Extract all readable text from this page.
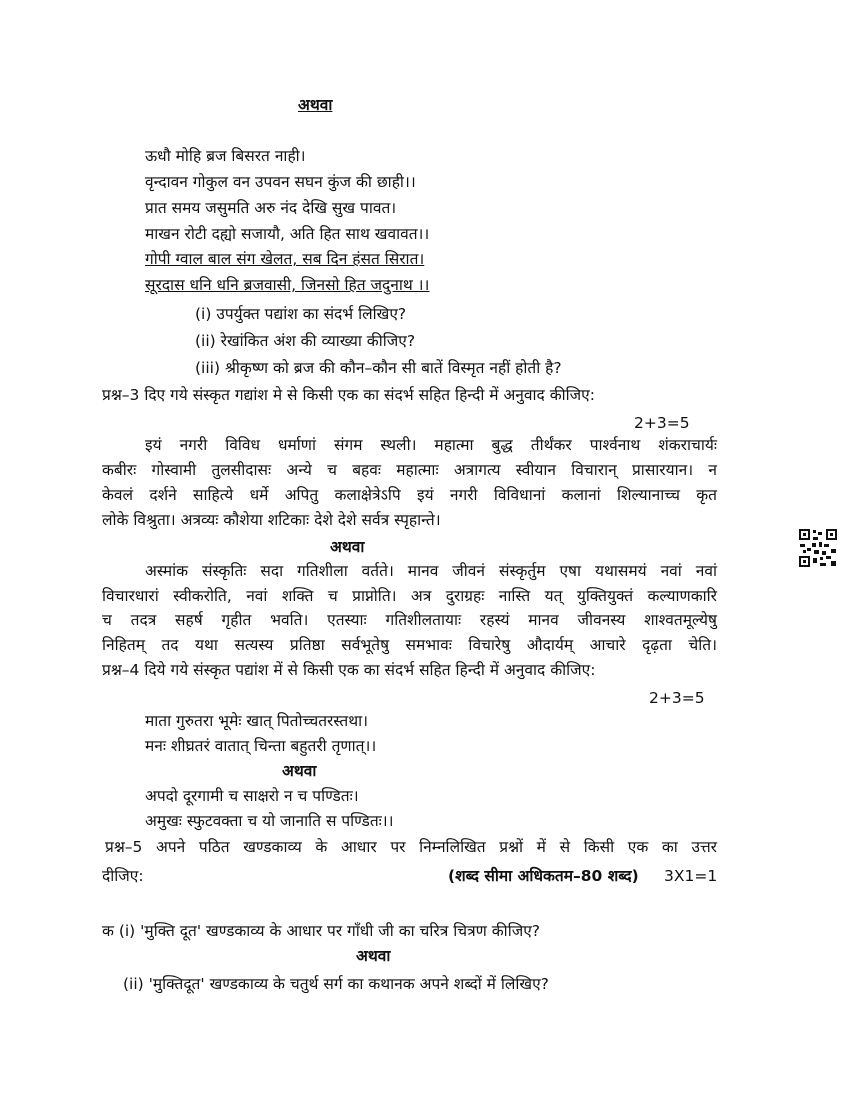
अथवा
ऊधौ मोहि ब्रज बिसरत नाही।
वृन्दावन गोकुल वन उपवन सघन कुंज की छाही।।
प्रात समय जसुमति अरु नंद देखि सुख पावत।
माखन रोटी दह्यो सजायौ, अति हित साथ खवावत।।
गोपी ग्वाल बाल संग खेलत, सब दिन हंसत सिरात।
सूरदास धनि धनि ब्रजवासी, जिनसो हित जदुनाथ ।।
(i) उपर्युक्त पद्यांश का संदर्भ लिखिए?
(ii) रेखांकित अंश की व्याख्या कीजिए?
(iii) श्रीकृष्ण को ब्रज की कौन–कौन सी बातें विस्मृत नहीं होती है?
प्रश्न–3 दिए गये संस्कृत गद्यांश मे से किसी एक का संदर्भ सहित हिन्दी में अनुवाद कीजिए:
2+3=5
इयं नगरी विविध धर्माणां संगम स्थली। महात्मा बुद्ध तीर्थंकर पार्श्वनाथ शंकराचार्यः
कबीरः गोस्वामी तुलसीदासः अन्ये च बहवः महात्माः अत्रागत्य स्वीयान विचारान् प्रासारयान। न
केवलं दर्शने साहित्ये धर्मे अपितु कलाक्षेत्रेऽपि इयं नगरी विविधानां कलानां शिल्यानाच्च कृत
लोके विश्रुता। अत्रव्यः कौशेया शटिकाः देशे देशे सर्वत्र स्पृहान्ते।
अथवा
अस्मांक संस्कृतिः सदा गतिशीला वर्तते। मानव जीवनं संस्कृर्तुम एषा यथासमयं नवां नवां
विचारधारां स्वीकरोति, नवां शक्ति च प्राप्नोति। अत्र दुराग्रहः नास्ति यत् युक्तियुक्तं कल्याणकारि
च तदत्र सहर्ष गृहीत भवति। एतस्याः गतिशीलतायाः रहस्यं मानव जीवनस्य शाश्वतमूल्येषु
निहितम् तद यथा सत्यस्य प्रतिष्ठा सर्वभूतेषु समभावः विचारेषु औदार्यम् आचारे दृढ़ता चेति।
प्रश्न–4 दिये गये संस्कृत पद्यांश में से किसी एक का संदर्भ सहित हिन्दी में अनुवाद कीजिए:
2+3=5
माता गुरुतरा भूमेः खात् पितोच्चतरस्तथा।
मनः शीघ्रतरं वातात् चिन्ता बहुतरी तृणात्।।
अथवा
अपदो दूरगामी च साक्षरो न च पण्डितः।
अमुखः स्फुटवक्ता च यो जानाति स पण्डितः।।
प्रश्न–5 अपने पठित खण्डकाव्य के आधार पर निम्नलिखित प्रश्नों में से किसी एक का उत्तर
दीजिए:	(शब्द सीमा अधिकतम–80 शब्द) 3X1=1
क (i) 'मुक्ति दूत' खण्डकाव्य के आधार पर गाँधी जी का चरित्र चित्रण कीजिए?
अथवा
(ii) 'मुक्तिदूत' खण्डकाव्य के चतुर्थ सर्ग का कथानक अपने शब्दों में लिखिए?
